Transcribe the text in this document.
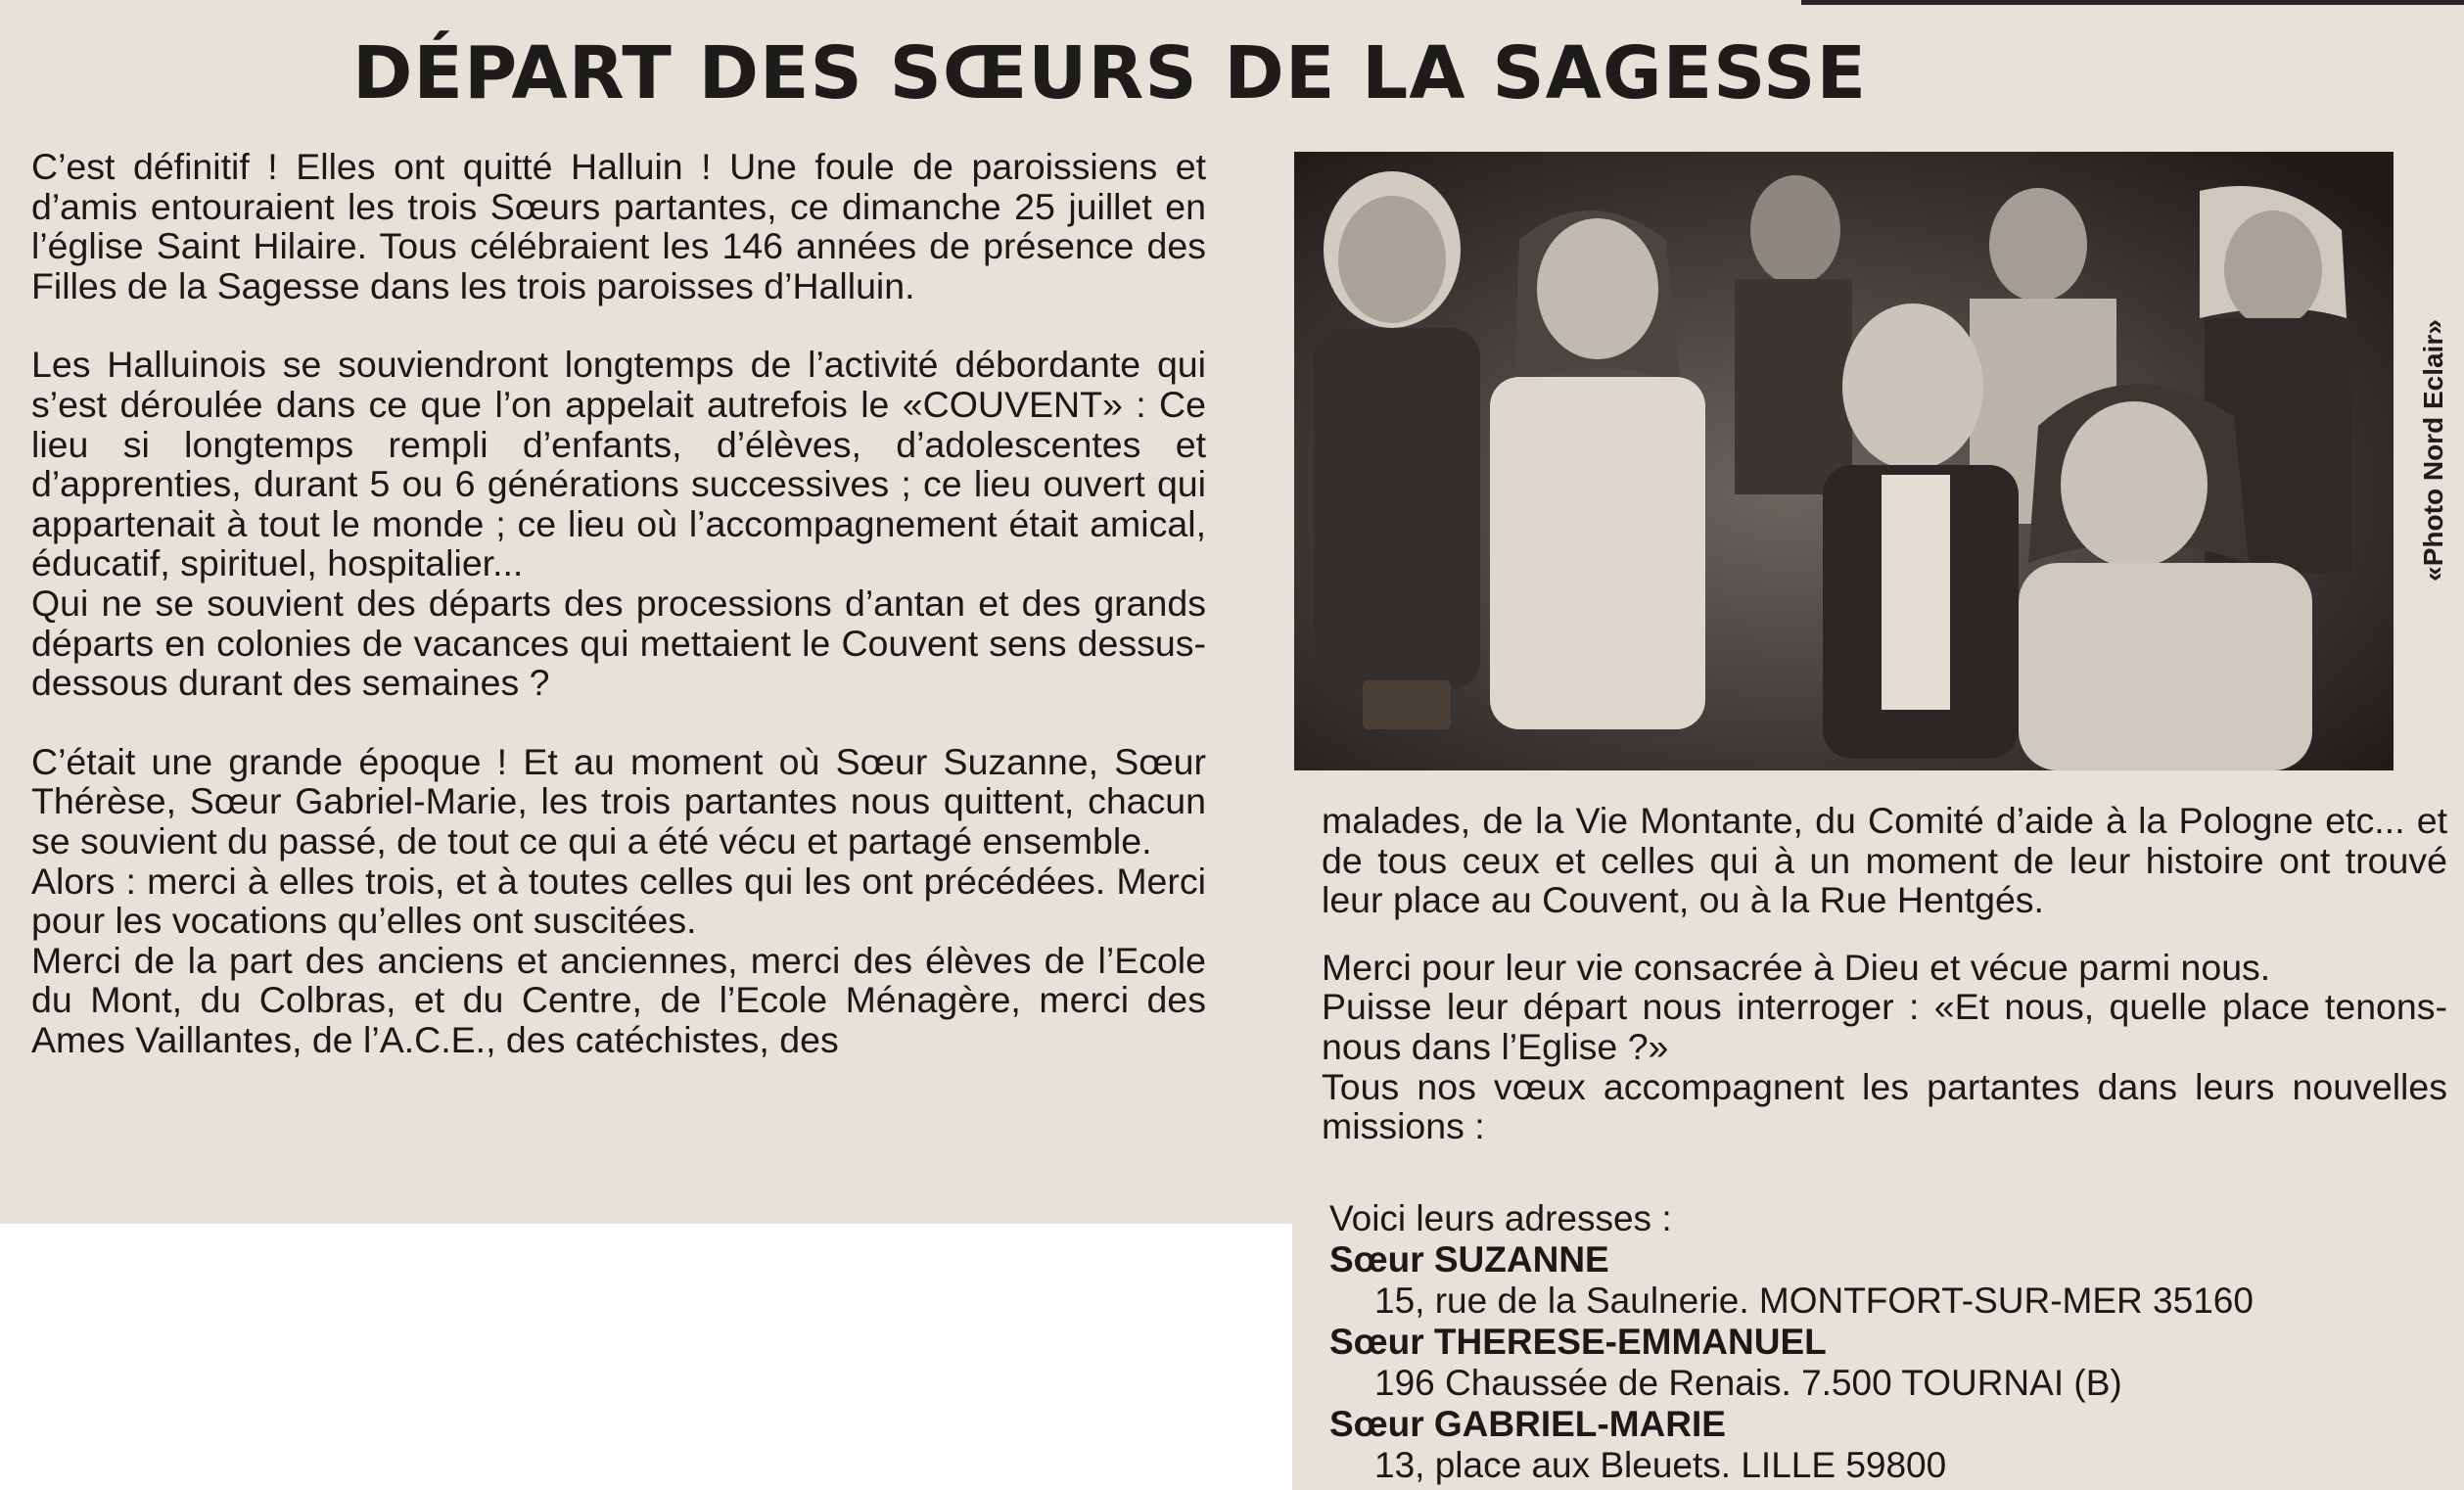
DÉPART DES SŒURS DE LA SAGESSE

C’est définitif ! Elles ont quitté Halluin ! Une foule de paroissiens et d’amis entouraient les trois Sœurs partantes, ce dimanche 25 juillet en l’église Saint Hilaire. Tous célébraient les 146 années de présence des Filles de la Sagesse dans les trois paroisses d’Halluin.

Les Halluinois se souviendront longtemps de l’activité débordante qui s’est déroulée dans ce que l’on appelait autrefois le «COUVENT» : Ce lieu si longtemps rempli d’enfants, d’élèves, d’adolescentes et d’apprenties, durant 5 ou 6 générations successives ; ce lieu ouvert qui appartenait à tout le monde ; ce lieu où l’accompagnement était amical, éducatif, spirituel, hospitalier...

Qui ne se souvient des départs des processions d’antan et des grands départs en colonies de vacances qui mettaient le Couvent sens dessus-dessous durant des semaines ?

C’était une grande époque ! Et au moment où Sœur Suzanne, Sœur Thérèse, Sœur Gabriel-Marie, les trois partantes nous quittent, chacun se souvient du passé, de tout ce qui a été vécu et partagé ensemble.

Alors : merci à elles trois, et à toutes celles qui les ont précédées. Merci pour les vocations qu’elles ont suscitées.

Merci de la part des anciens et anciennes, merci des élèves de l’Ecole du Mont, du Colbras, et du Centre, de l’Ecole Ménagère, merci des Ames Vaillantes, de l’A.C.E., des catéchistes, des

«Photo Nord Eclair»

malades, de la Vie Montante, du Comité d’aide à la Pologne etc... et de tous ceux et celles qui à un moment de leur histoire ont trouvé leur place au Couvent, ou à la Rue Hentgés.

Merci pour leur vie consacrée à Dieu et vécue parmi nous.

Puisse leur départ nous interroger : «Et nous, quelle place tenons-nous dans l’Eglise ?»

Tous nos vœux accompagnent les partantes dans leurs nouvelles missions :

Voici leurs adresses :
Sœur SUZANNE
15, rue de la Saulnerie. MONTFORT-SUR-MER 35160
Sœur THERESE-EMMANUEL
196 Chaussée de Renais. 7.500 TOURNAI (B)
Sœur GABRIEL-MARIE
13, place aux Bleuets. LILLE 59800
